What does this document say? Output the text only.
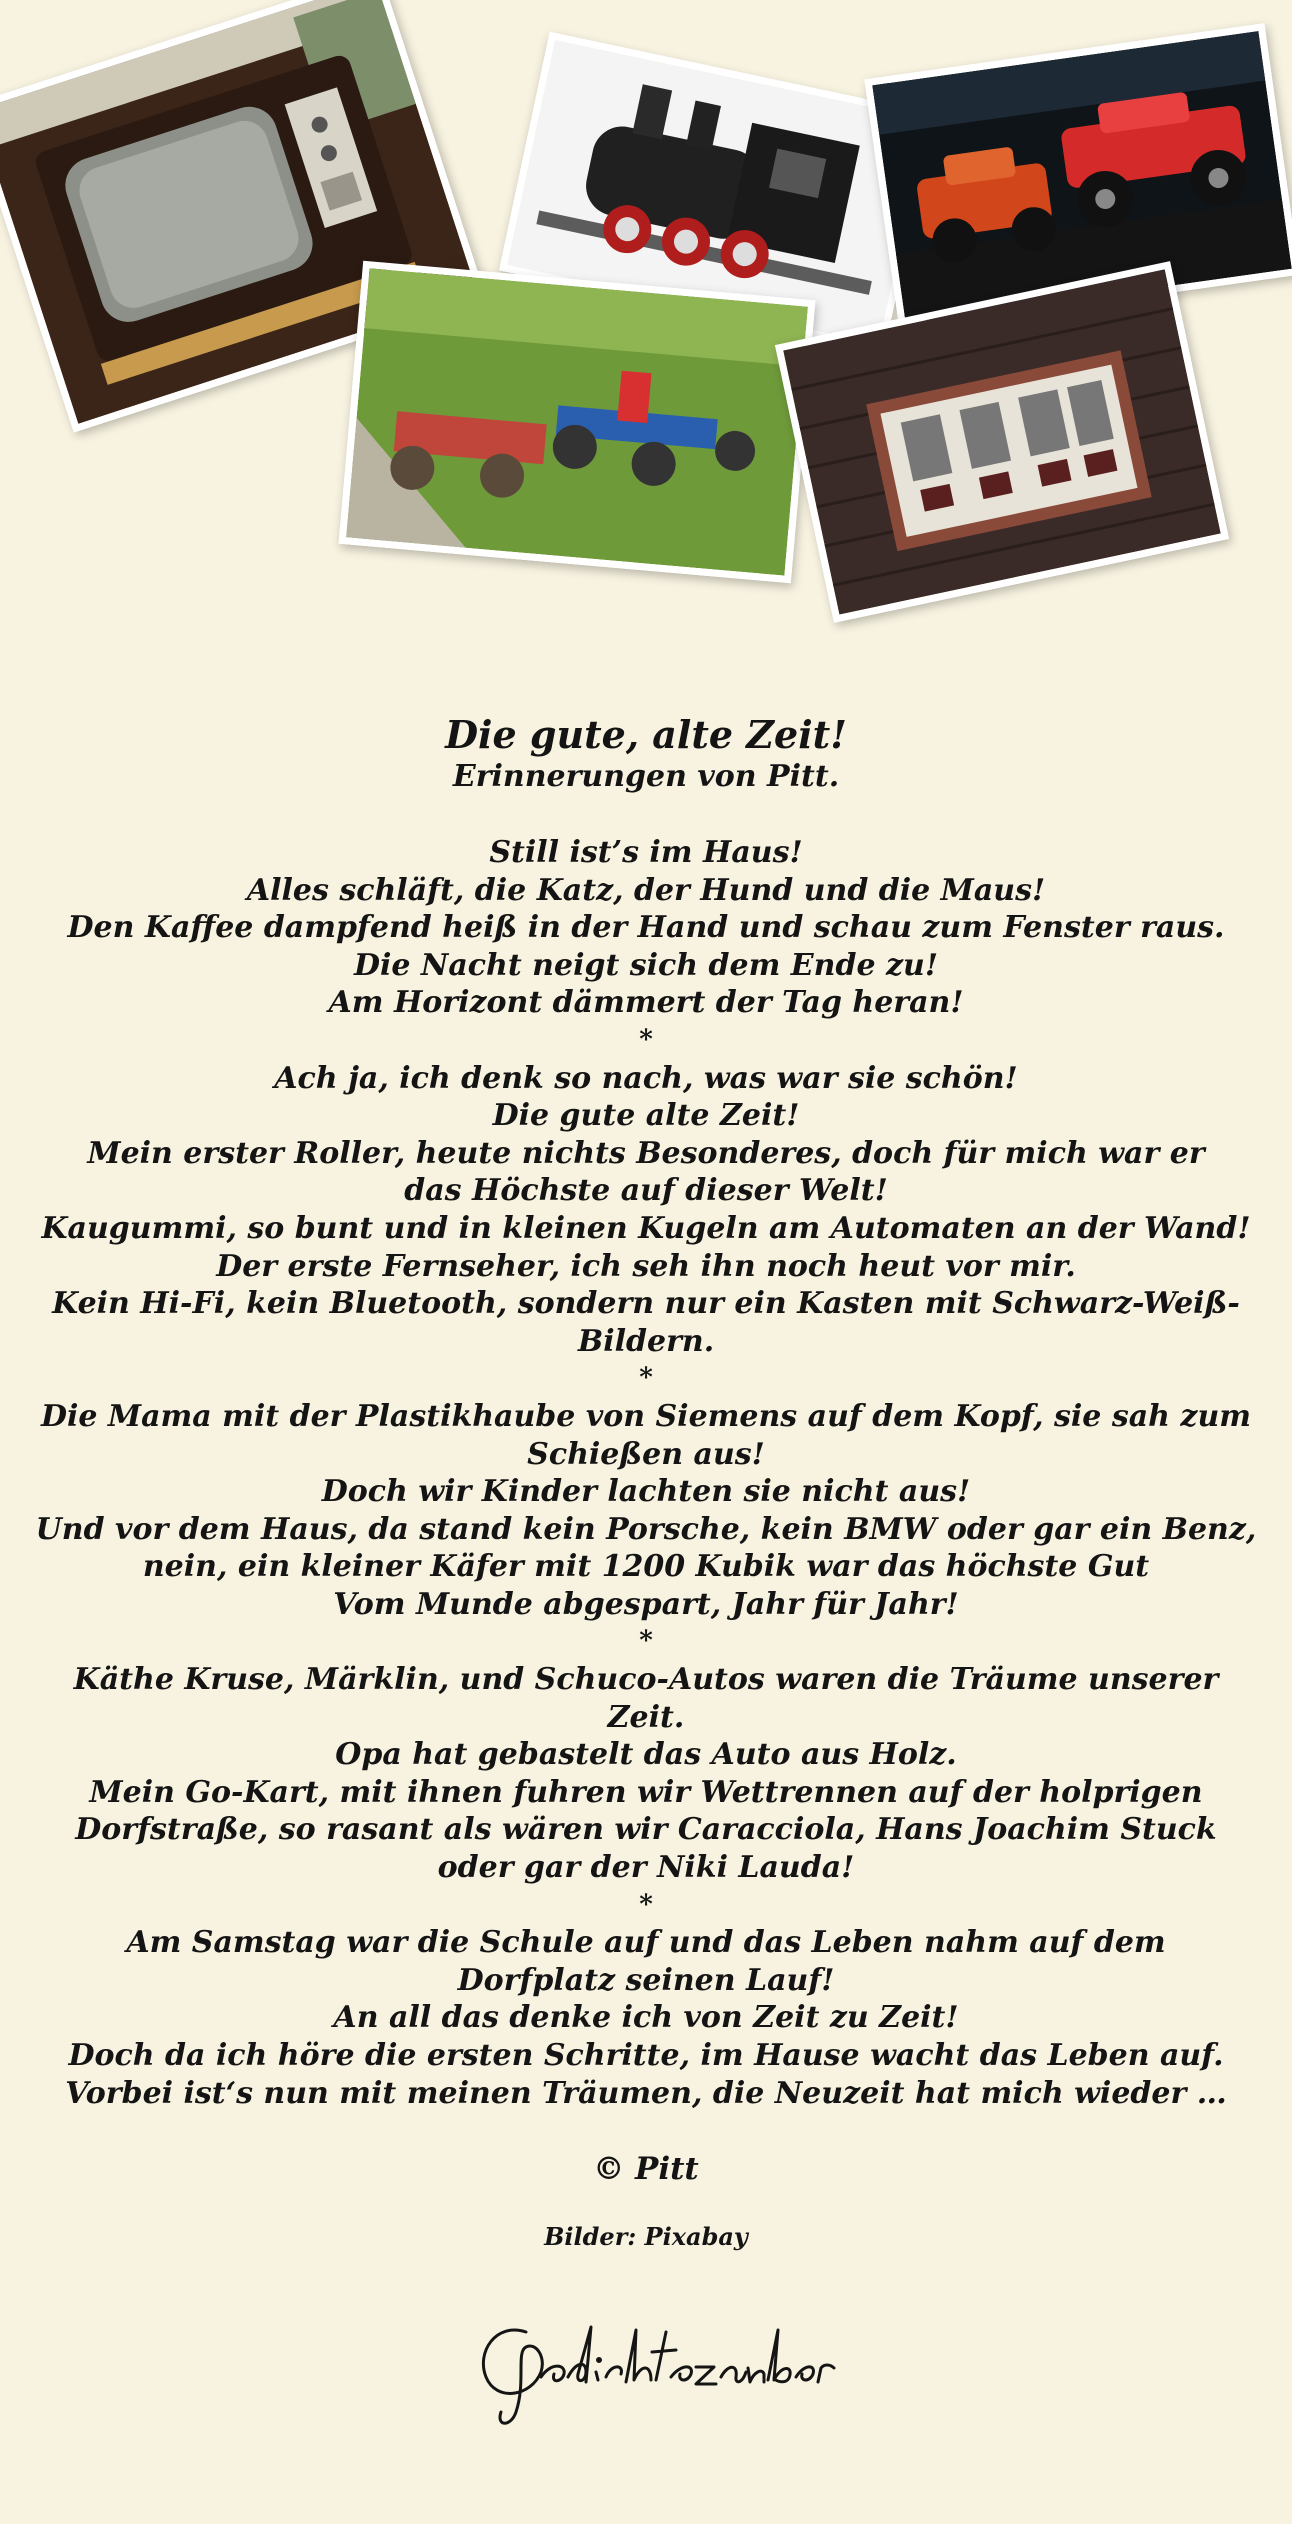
Die gute, alte Zeit!

Erinnerungen von Pitt.

Still ist’s im Haus!
Alles schläft, die Katz, der Hund und die Maus!
Den Kaffee dampfend heiß in der Hand und schau zum Fenster raus.
Die Nacht neigt sich dem Ende zu!
Am Horizont dämmert der Tag heran!
*
Ach ja, ich denk so nach, was war sie schön!
Die gute alte Zeit!
Mein erster Roller, heute nichts Besonderes, doch für mich war er das Höchste auf dieser Welt!
Kaugummi, so bunt und in kleinen Kugeln am Automaten an der Wand!
Der erste Fernseher, ich seh ihn noch heut vor mir.
Kein Hi-Fi, kein Bluetooth, sondern nur ein Kasten mit Schwarz-Weiß-Bildern.
*
Die Mama mit der Plastikhaube von Siemens auf dem Kopf, sie sah zum Schießen aus!
Doch wir Kinder lachten sie nicht aus!
Und vor dem Haus, da stand kein Porsche, kein BMW oder gar ein Benz, nein, ein kleiner Käfer mit 1200 Kubik war das höchste Gut
Vom Munde abgespart, Jahr für Jahr!
*
Käthe Kruse, Märklin, und Schuco-Autos waren die Träume unserer Zeit.
Opa hat gebastelt das Auto aus Holz.
Mein Go-Kart, mit ihnen fuhren wir Wettrennen auf der holprigen Dorfstraße, so rasant als wären wir Caracciola, Hans Joachim Stuck oder gar der Niki Lauda!
*
Am Samstag war die Schule auf und das Leben nahm auf dem Dorfplatz seinen Lauf!
An all das denke ich von Zeit zu Zeit!
Doch da ich höre die ersten Schritte, im Hause wacht das Leben auf.
Vorbei ist‘s nun mit meinen Träumen, die Neuzeit hat mich wieder …
© Pitt
Bilder: Pixabay
